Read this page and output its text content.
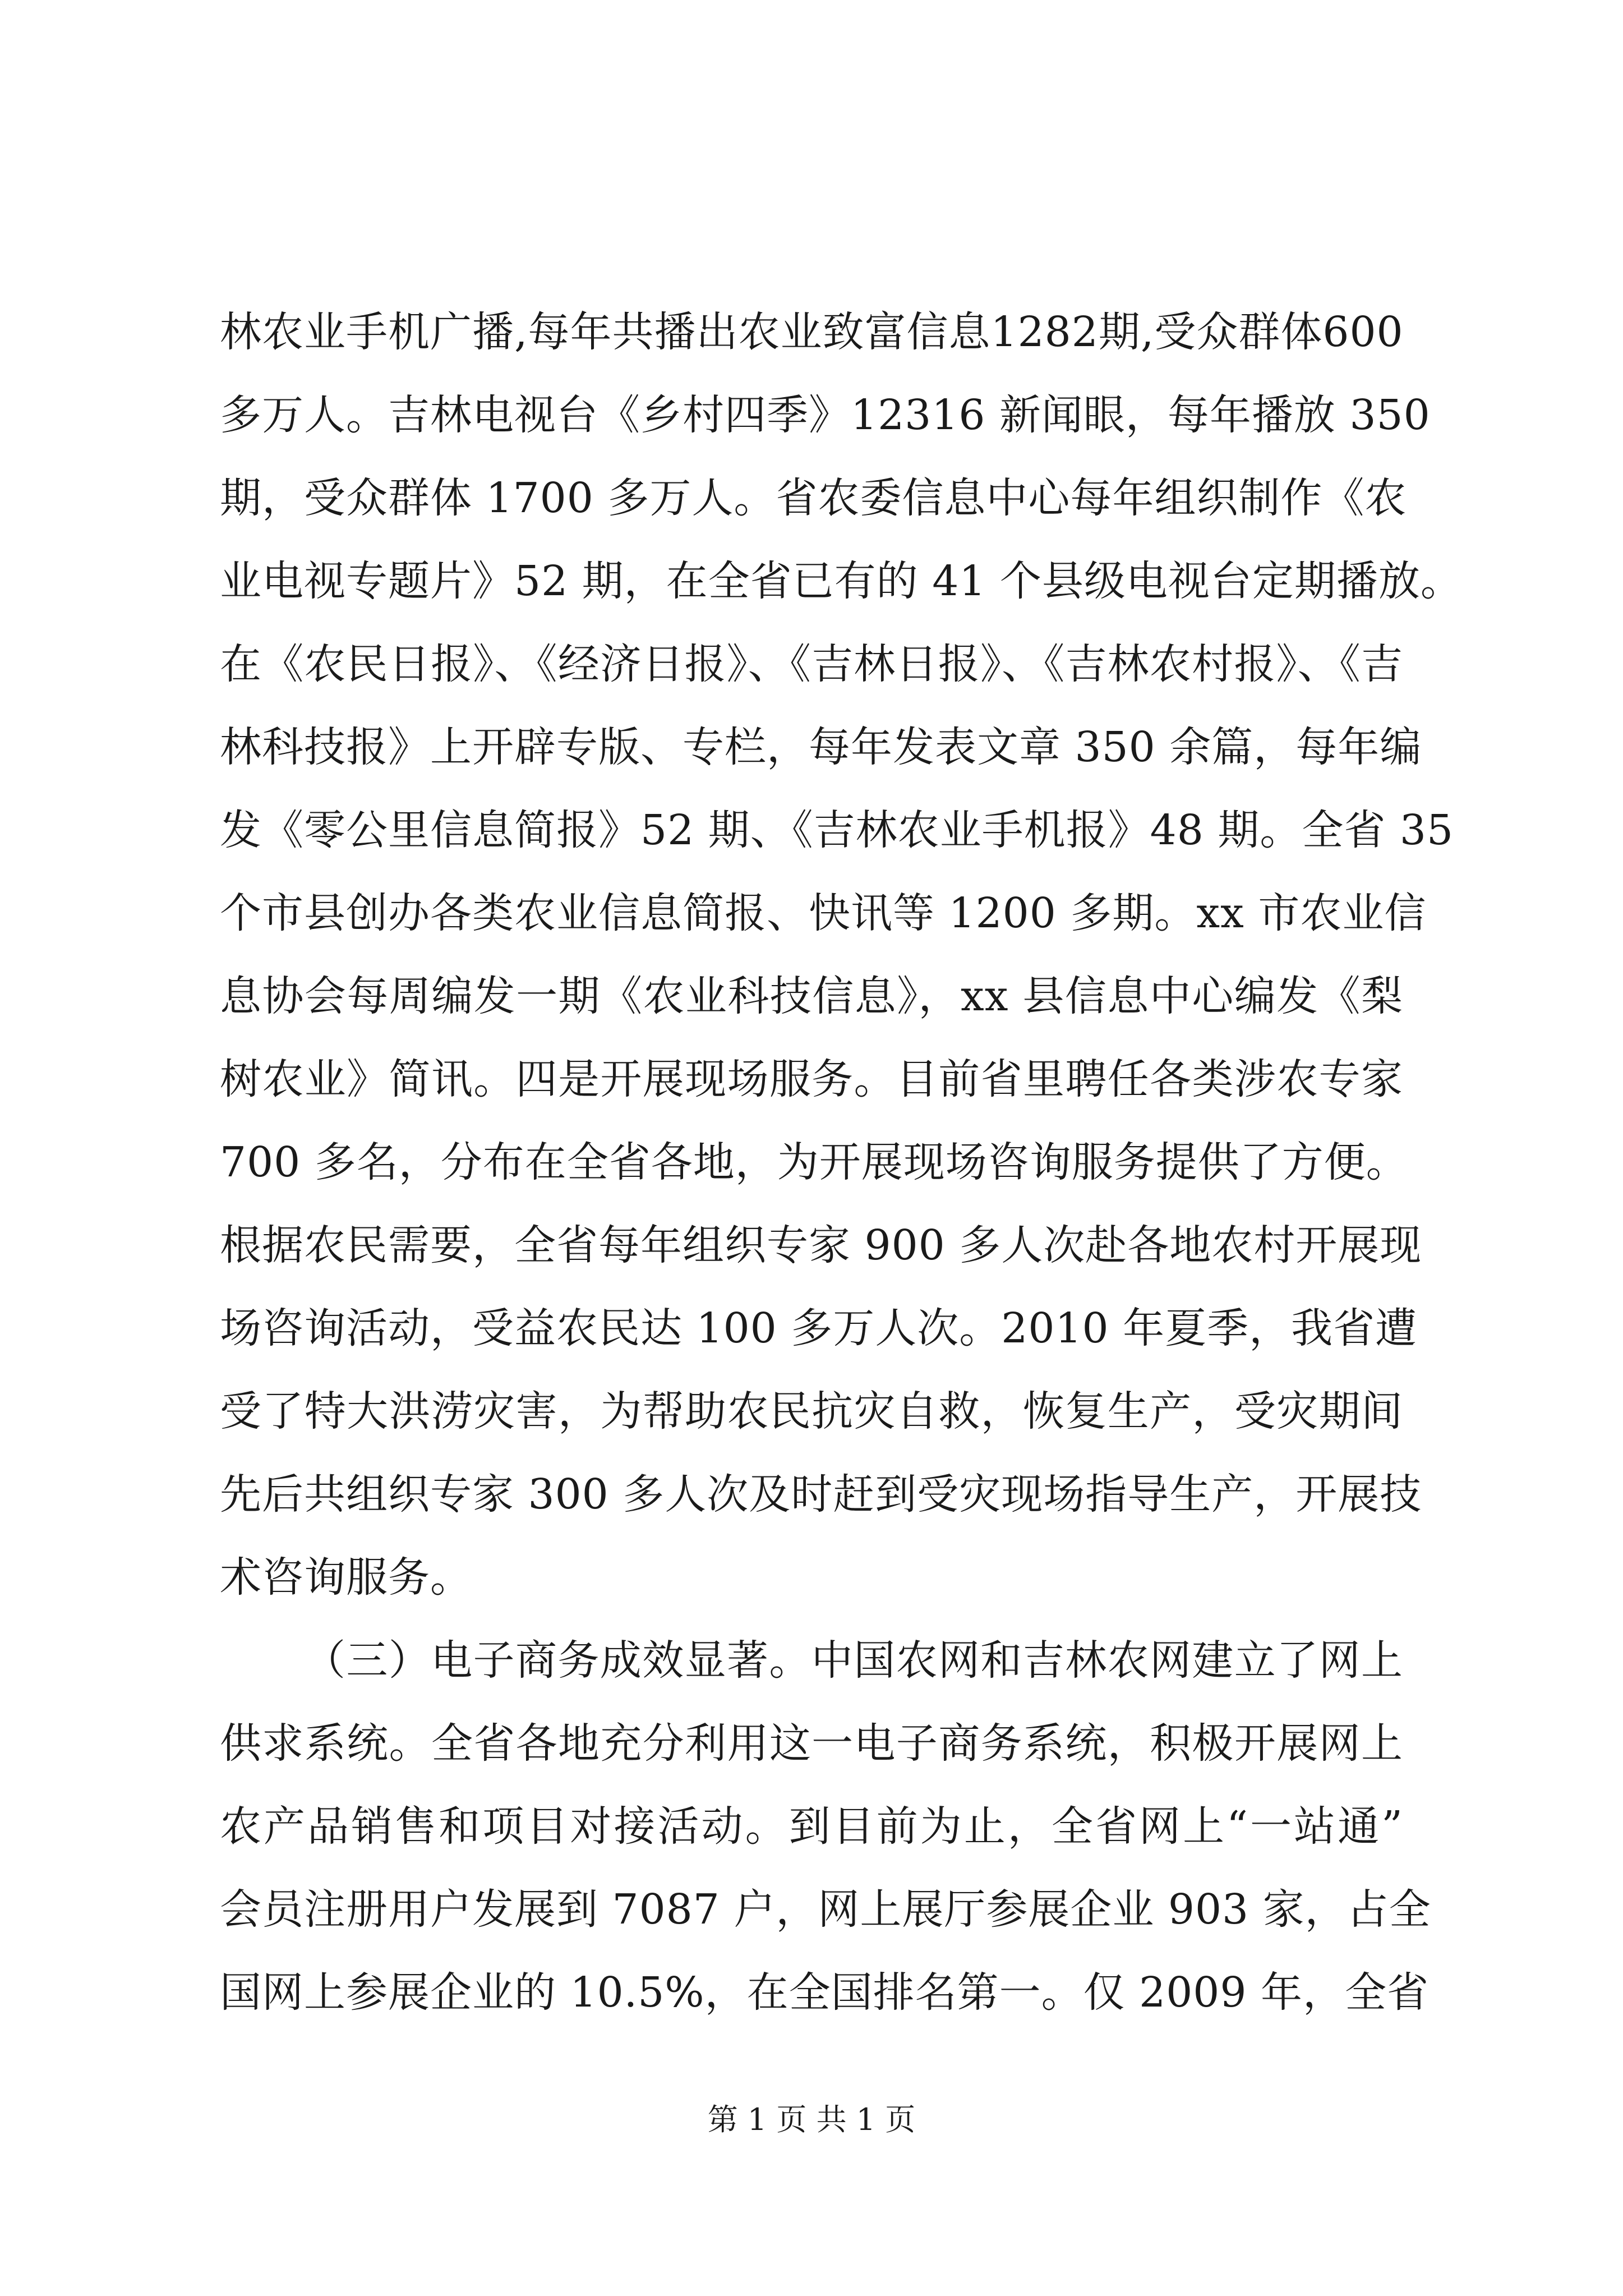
林农业手机广播,每年共播出农业致富信息1282期,受众群体600
多万人。吉林电视台《乡村四季》12316 新闻眼，每年播放 350
期，受众群体 1700 多万人。省农委信息中心每年组织制作《农
业电视专题片》52 期，在全省已有的 41 个县级电视台定期播放。
在《农民日报》、《经济日报》、《吉林日报》、《吉林农村报》、《吉
林科技报》上开辟专版、专栏，每年发表文章 350 余篇，每年编
发《零公里信息简报》52 期、《吉林农业手机报》48 期。全省 35
个市县创办各类农业信息简报、快讯等 1200 多期。xx 市农业信
息协会每周编发一期《农业科技信息》，xx 县信息中心编发《梨
树农业》简讯。四是开展现场服务。目前省里聘任各类涉农专家
700 多名，分布在全省各地，为开展现场咨询服务提供了方便。
根据农民需要，全省每年组织专家 900 多人次赴各地农村开展现
场咨询活动，受益农民达 100 多万人次。2010 年夏季，我省遭
受了特大洪涝灾害，为帮助农民抗灾自救，恢复生产，受灾期间
先后共组织专家 300 多人次及时赶到受灾现场指导生产，开展技
术咨询服务。
（三）电子商务成效显著。中国农网和吉林农网建立了网上
供求系统。全省各地充分利用这一电子商务系统，积极开展网上
农产品销售和项目对接活动。到目前为止，全省网上“一站通”
会员注册用户发展到 7087 户，网上展厅参展企业 903 家，占全
国网上参展企业的 10.5%，在全国排名第一。仅 2009 年，全省
第 1 页 共 1 页
